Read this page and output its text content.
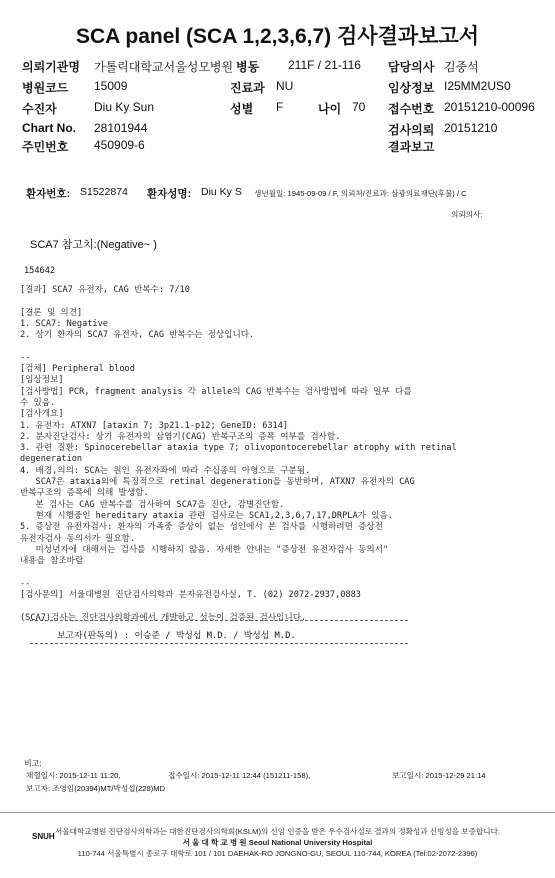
SCA panel (SCA 1,2,3,6,7) 검사결과보고서
의뢰기관명 가톨릭대학교서울성모병원 병동 211F / 21-116 담당의사 김중석
병원코드 15009	진료과 NU	임상정보 I25MM2US0
수진자	Diu Ky Sun	성별 F	나이 70 접수번호 20151210-00096
Chart No. 28101944	검사의뢰 20151210
주민번호 450909-6	결과보고
환자번호: S1522874 환자성명: Diu Ky S 생년월일: 1945-09-09 / F, 의뢰처/진료과: 삼광의료재단(후불) / C
의뢰의사:
SCA7 참고치:(Negative~ )
154642
[결과] SCA7 유전자, CAG 반복수: 7/10

[결론 및 의견]
1. SCA7: Negative
2. 상기 환자의 SCA7 유전자, CAG 반복수는 정상입니다.

--
[검체] Peripheral blood
[임상정보]
[검사방법] PCR, fragment analysis 각 allele의 CAG 반복수는 검사방법에 따라 일부 다를
수 있음.
[검사개요]
1. 유전자: ATXN7 [ataxin 7; 3p21.1-p12; GeneID: 6314]
2. 분자진단검사: 상기 유전자의 삼염기(CAG) 반복구조의 증폭 여부를 검사함.
3. 관련 질환: Spinocerebellar ataxia type 7; olivopontocerebellar atrophy with retinal
degeneration
4. 배경,의의: SCA는 원인 유전자좌에 따라 수십종의 아형으로 구분됨.
SCA7은 ataxia외에 특징적으로 retinal degeneration을 동반하며, ATXN7 유전자의 CAG
반복구조의 증폭에 의해 발생함.
본 검사는 CAG 반복수를 검사하여 SCA7을 진단, 감별진단함.
현재 시행중인 hereditary ataxia 관련 검사로는 SCA1,2,3,6,7,17,DRPLA가 있음.
5. 증상전 유전자검사: 환자의 가족중 증상이 없는 성인에서 본 검사를 시행하려면 증상전
유전자검사 동의서가 필요함.
미성년자에 대해서는 검사를 시행하지 않음. 자세한 안내는 "증상전 유전자검사 동의서"
내용을 참조바람

--
[검사문의] 서울대병원 진단검사의학과 분자유전검사실, T. (02) 2072-2937,0883

(SCA7)검사는 진단검사의학과에서 개발하고 성능이 검증된 검사입니다.
보고자(판독의) : 이승준 / 박성섭 M.D. / 박성섭 M.D.
비고:
채혈일시: 2015-12-11 11:20,	접수일시: 2015-12-11 12:44 (151211-158),	보고일시: 2015-12-29 21:14
보고자: 조영임(20394)MT/박성섭(228)MD
서울대학교병원 진단검사의학과는 대한진단검사의학회(KSLM)의 신임 인증을 받은 우수검사실로 결과의 정확성과 신빙성을 보증합니다.
SNUH
서 울 대 학 교 병 원 Seoul National University Hospital
110-744 서울특별시 종로구 대학로 101 / 101 DAEHAK-RO JONGNO-GU, SEOUL 110-744, KOREA (Tel:02-2072-2396)
